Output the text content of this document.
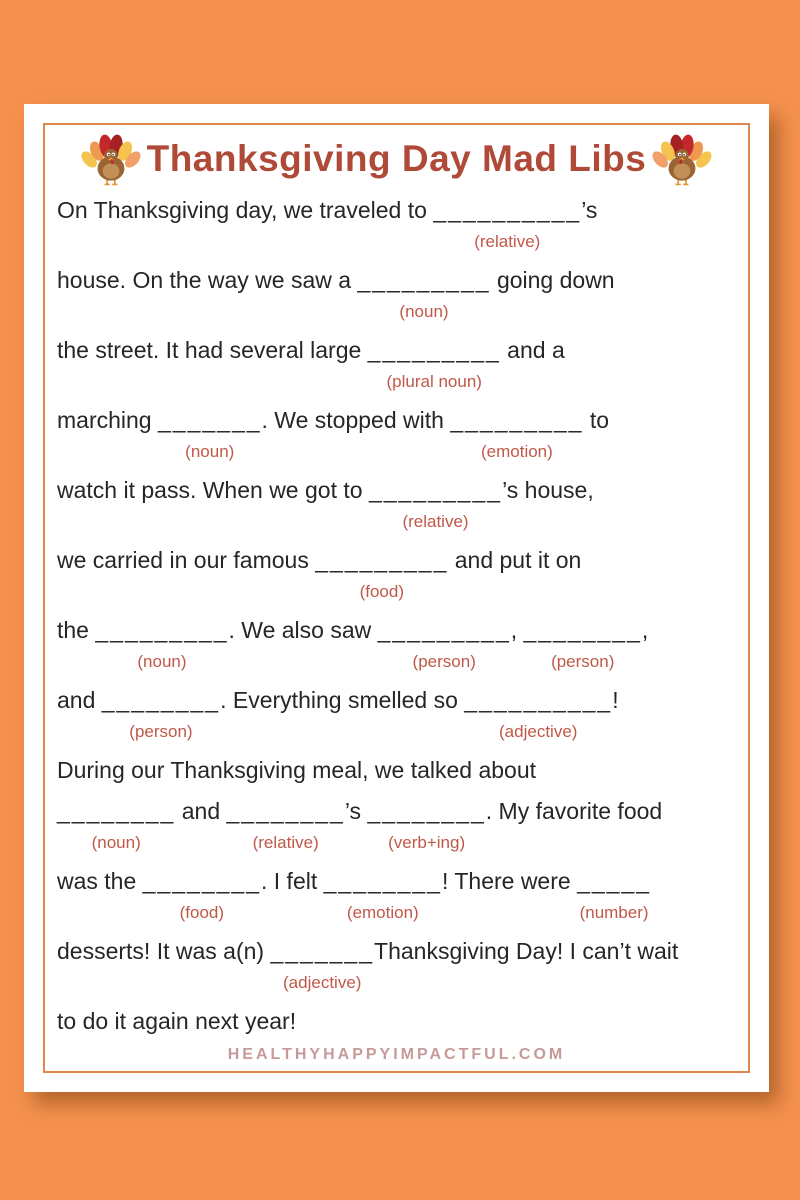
Thanksgiving Day Mad Libs
On Thanksgiving day, we traveled to __________
(relative)
’s
house. On the way we saw a _________
(noun)
going down
the street. It had several large _________
(plural noun)
and a
marching _______
(noun)
. We stopped with _________
(emotion)
to
watch it pass. When we got to _________
(relative)
’s house,
we carried in our famous _________
(food)
and put it on
the _________
(noun)
. We also saw _________
(person)
, ________
(person)
,
and ________
(person)
. Everything smelled so __________
(adjective)
!
During our Thanksgiving meal, we talked about
________
(noun)
and ________
(relative)
’s ________
(verb+ing)
. My favorite food
was the ________
(food)
. I felt ________
(emotion)
! There were _____
(number)
desserts! It was a(n) _______
(adjective)
Thanksgiving Day! I can’t wait
to do it again next year!
HEALTHYHAPPYIMPACTFUL.COM
